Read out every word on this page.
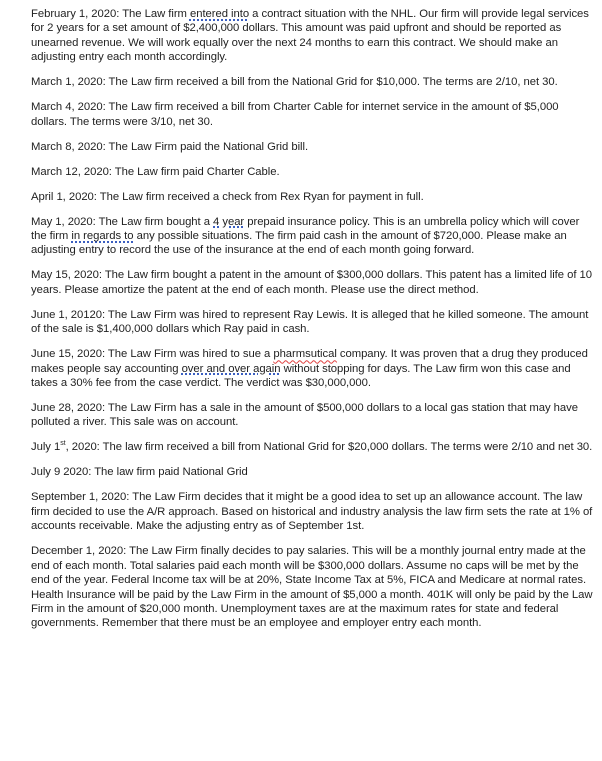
February 1, 2020: The Law firm entered into a contract situation with the NHL. Our firm will provide legal services for 2 years for a set amount of $2,400,000 dollars. This amount was paid upfront and should be reported as unearned revenue. We will work equally over the next 24 months to earn this contract. We should make an adjusting entry each month accordingly.

March 1, 2020: The Law firm received a bill from the National Grid for $10,000. The terms are 2/10, net 30.

March 4, 2020: The Law firm received a bill from Charter Cable for internet service in the amount of $5,000 dollars. The terms were 3/10, net 30.

March 8, 2020: The Law Firm paid the National Grid bill.

March 12, 2020: The Law firm paid Charter Cable.

April 1, 2020: The Law firm received a check from Rex Ryan for payment in full.

May 1, 2020: The Law firm bought a 4 year prepaid insurance policy. This is an umbrella policy which will cover the firm in regards to any possible situations. The firm paid cash in the amount of $720,000. Please make an adjusting entry to record the use of the insurance at the end of each month going forward.

May 15, 2020: The Law firm bought a patent in the amount of $300,000 dollars. This patent has a limited life of 10 years. Please amortize the patent at the end of each month. Please use the direct method.

June 1, 20120: The Law Firm was hired to represent Ray Lewis. It is alleged that he killed someone. The amount of the sale is $1,400,000 dollars which Ray paid in cash.

June 15, 2020: The Law Firm was hired to sue a pharmsutical company. It was proven that a drug they produced makes people say accounting over and over again without stopping for days. The Law firm won this case and takes a 30% fee from the case verdict. The verdict was $30,000,000.

June 28, 2020: The Law Firm has a sale in the amount of $500,000 dollars to a local gas station that may have polluted a river. This sale was on account.

July 1st, 2020: The law firm received a bill from National Grid for $20,000 dollars. The terms were 2/10 and net 30.

July 9 2020: The law firm paid National Grid

September 1, 2020: The Law Firm decides that it might be a good idea to set up an allowance account. The law firm decided to use the A/R approach. Based on historical and industry analysis the law firm sets the rate at 1% of accounts receivable. Make the adjusting entry as of September 1st.

December 1, 2020: The Law Firm finally decides to pay salaries. This will be a monthly journal entry made at the end of each month. Total salaries paid each month will be $300,000 dollars. Assume no caps will be met by the end of the year. Federal Income tax will be at 20%, State Income Tax at 5%, FICA and Medicare at normal rates. Health Insurance will be paid by the Law Firm in the amount of $5,000 a month. 401K will only be paid by the Law Firm in the amount of $20,000 month. Unemployment taxes are at the maximum rates for state and federal governments. Remember that there must be an employee and employer entry each month.
